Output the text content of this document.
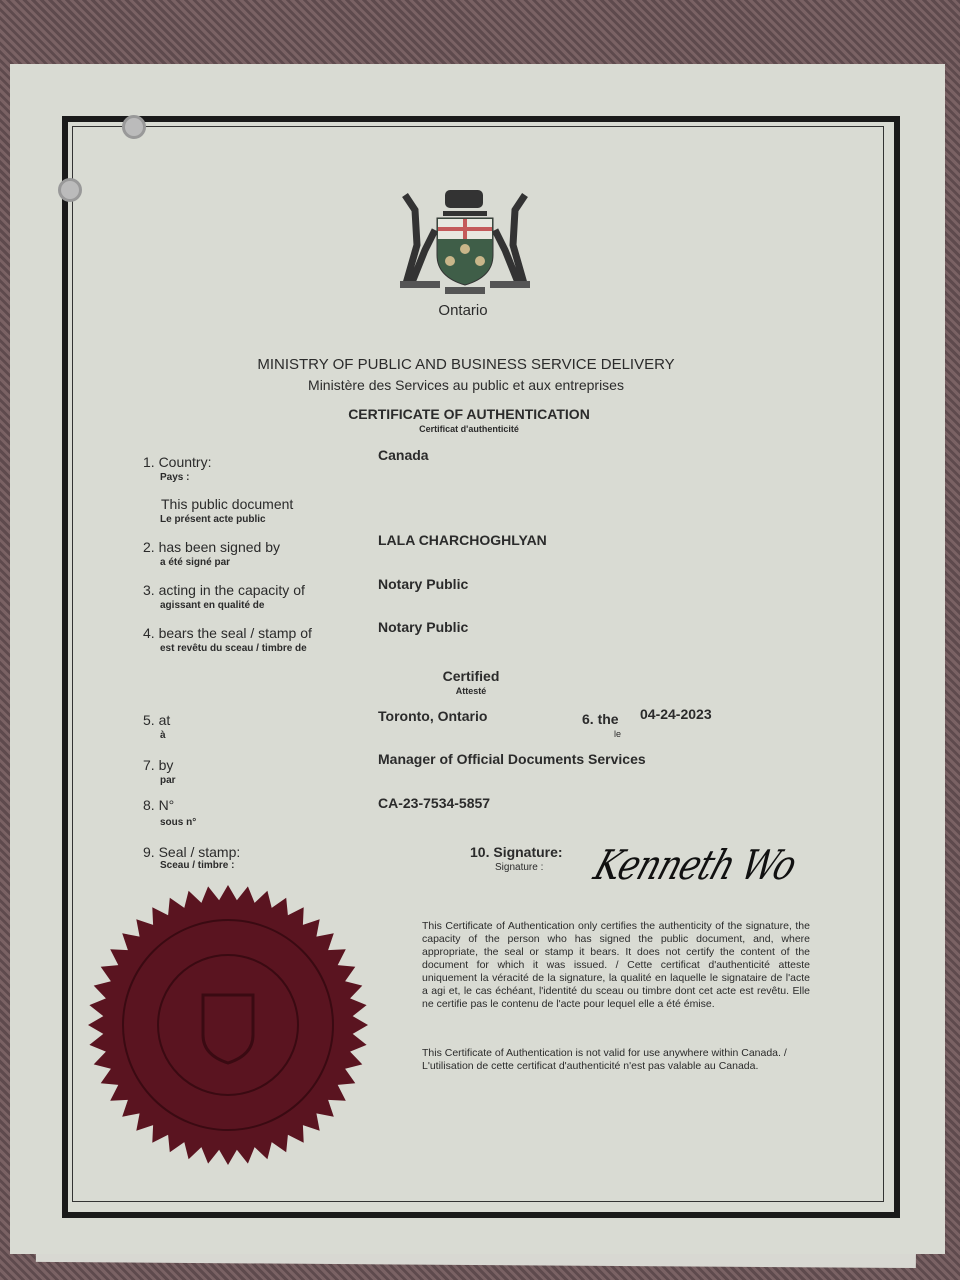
Ontario
MINISTRY OF PUBLIC AND BUSINESS SERVICE DELIVERY
Ministère des Services au public et aux entreprises
CERTIFICATE OF AUTHENTICATION
Certificat d'authenticité
1. Country:
Pays :
Canada
This public document
Le présent acte public
2. has been signed by
a été signé par
LALA CHARCHOGHLYAN
3. acting in the capacity of
agissant en qualité de
Notary Public
4. bears the seal / stamp of
est revêtu du sceau / timbre de
Notary Public
Certified
Attesté
5. at
à
Toronto, Ontario	6. the
le
04-24-2023
7. by
par
Manager of Official Documents Services
8. N°
sous n°
CA-23-7534-5857
9. Seal / stamp:
Sceau / timbre :
10. Signature:
Signature : Kenneth Wo
This Certificate of Authentication only certifies the authenticity of the signature, the capacity of the person who has signed the public document, and, where appropriate, the seal or stamp it bears. It does not certify the content of the document for which it was issued. / Cette certificat d'authenticité atteste uniquement la véracité de la signature, la qualité en laquelle le signataire de l'acte a agi et, le cas échéant, l'identité du sceau ou timbre dont cet acte est revêtu. Elle ne certifie pas le contenu de l'acte pour lequel elle a été émise.
This Certificate of Authentication is not valid for use anywhere within Canada. / L'utilisation de cette certificat d'authenticité n'est pas valable au Canada.
